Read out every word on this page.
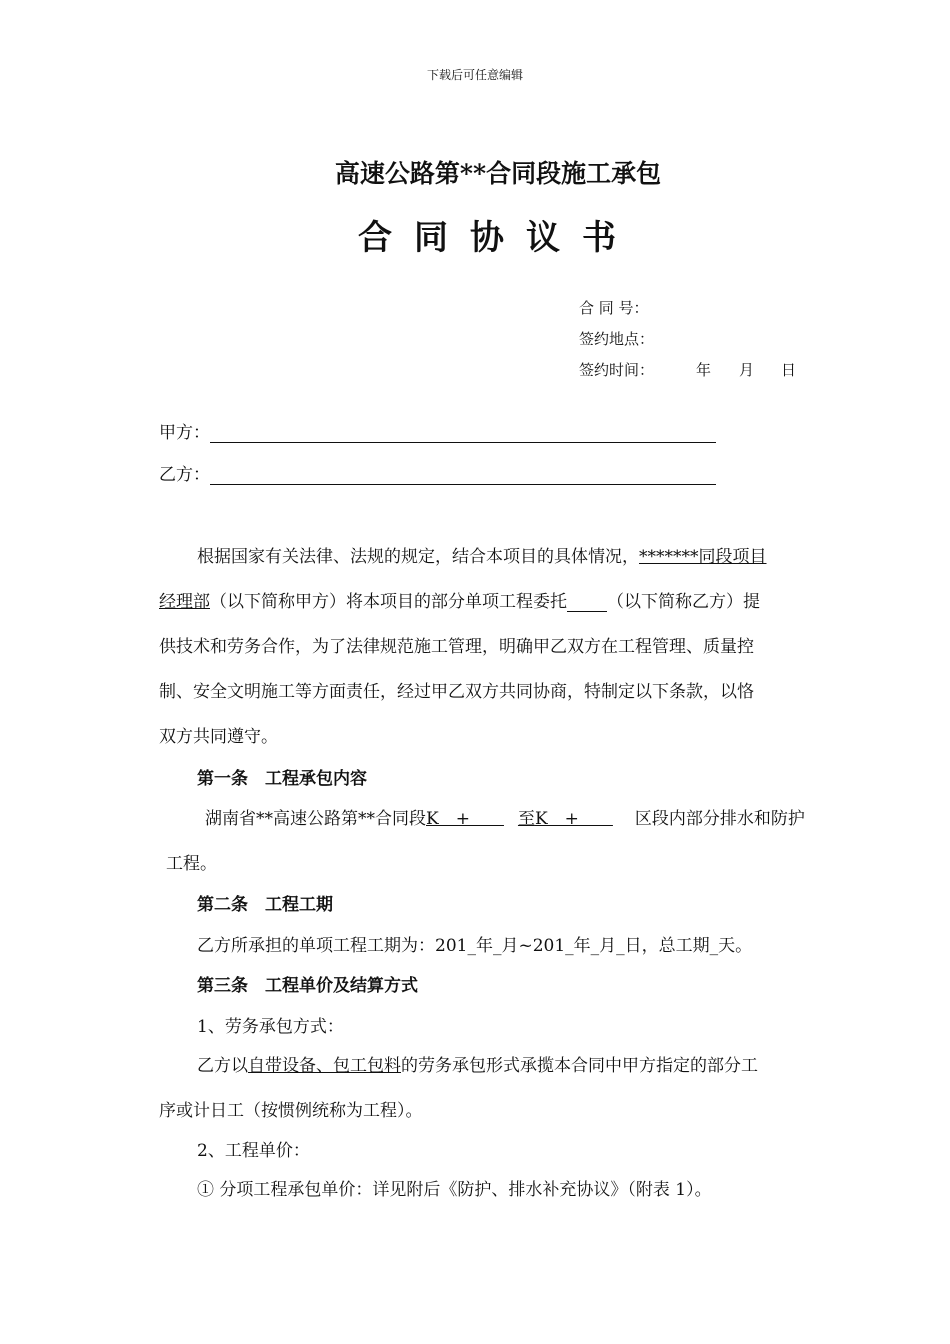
下载后可任意编辑
高速公路第**合同段施工承包
合同协议书
合 同 号：
签约地点：
签约时间：	年 月 日
甲方：
乙方：
根据国家有关法律、法规的规定，结合本项目的具体情况，*******同段项目
经理部（以下简称甲方）将本项目的部分单项工程委托 （以下简称乙方）提
供技术和劳务合作，为了法律规范施工管理，明确甲乙双方在工程管理、质量控
制、安全文明施工等方面责任，经过甲乙双方共同协商，特制定以下条款，以恪
双方共同遵守。
第一条　工程承包内容
湖南省**高速公路第**合同段K　+　　至K　+　　区段内部分排水和防护
工程。
第二条　工程工期
乙方所承担的单项工程工期为：201_年_月~201_年_月_日，总工期_天。
第三条　工程单价及结算方式
1、劳务承包方式：
乙方以自带设备、包工包料的劳务承包形式承揽本合同中甲方指定的部分工
序或计日工（按惯例统称为工程）。
2、工程单价：
① 分项工程承包单价：详见附后《防护、排水补充协议》（附表 1）。
